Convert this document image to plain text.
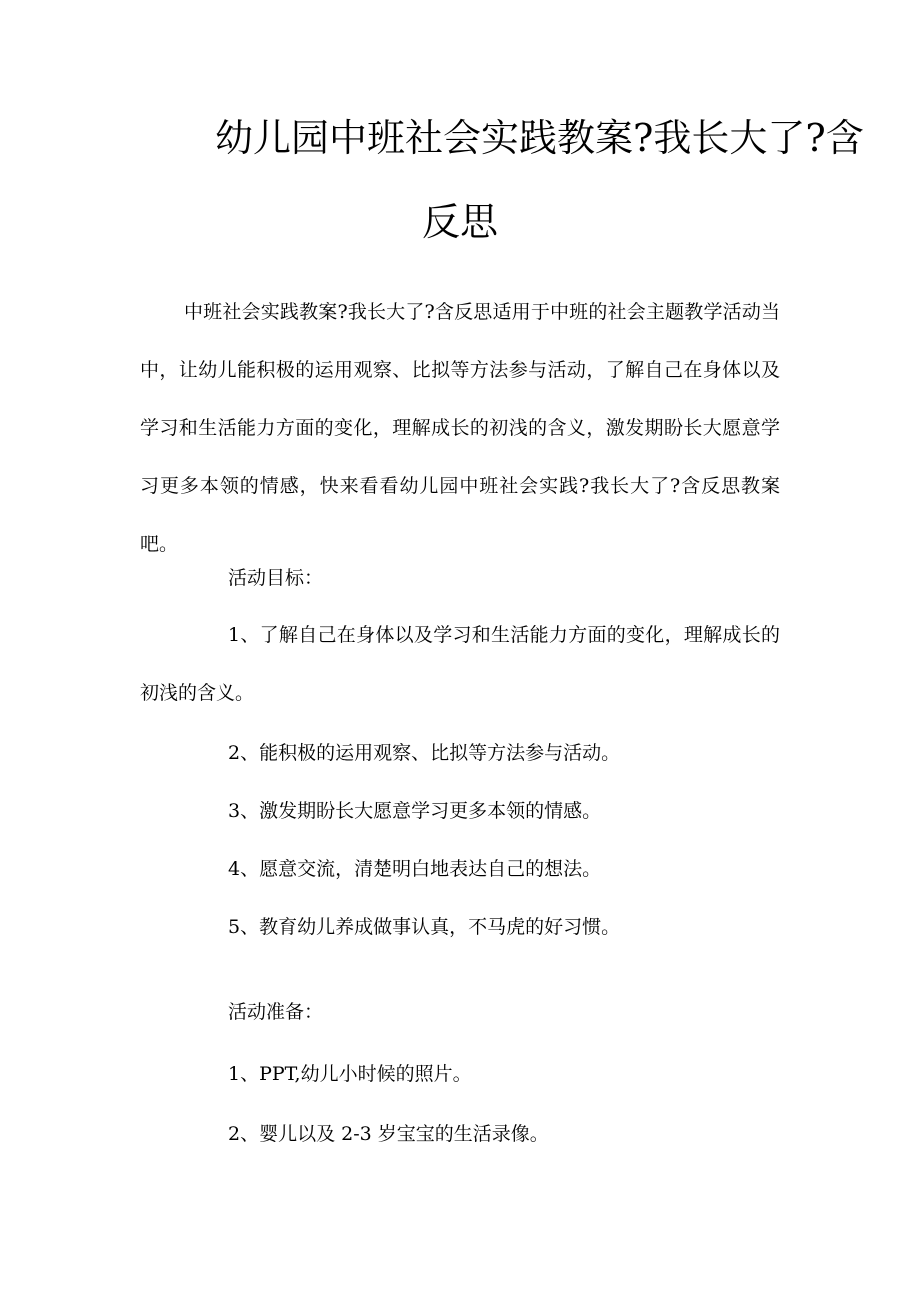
幼儿园中班社会实践教案?我长大了?含
反思

中班社会实践教案?我长大了?含反思适用于中班的社会主题教学活动当中，让幼儿能积极的运用观察、比拟等方法参与活动，了解自己在身体以及学习和生活能力方面的变化，理解成长的初浅的含义，激发期盼长大愿意学习更多本领的情感，快来看看幼儿园中班社会实践?我长大了?含反思教案吧。

活动目标：

1、了解自己在身体以及学习和生活能力方面的变化，理解成长的初浅的含义。

2、能积极的运用观察、比拟等方法参与活动。

3、激发期盼长大愿意学习更多本领的情感。

4、愿意交流，清楚明白地表达自己的想法。

5、教育幼儿养成做事认真，不马虎的好习惯。

活动准备：

1、PPT,幼儿小时候的照片。

2、婴儿以及 2-3 岁宝宝的生活录像。
